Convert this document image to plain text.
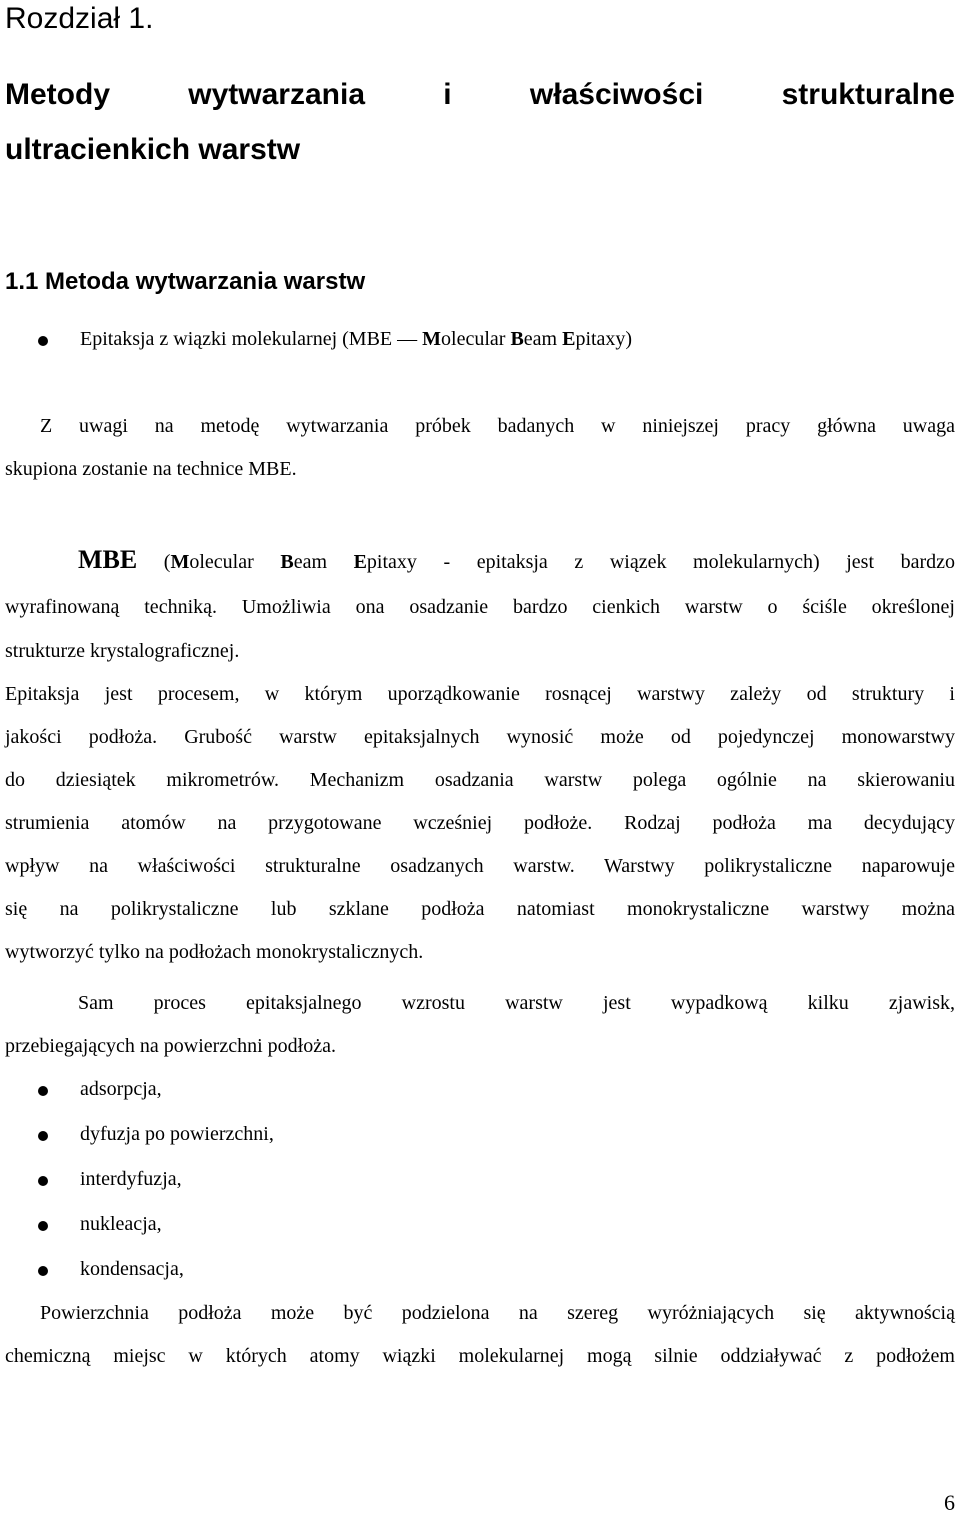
Rozdział 1.
Metody wytwarzania i właściwości strukturalne
ultracienkich warstw
1.1 Metoda wytwarzania warstw
Epitaksja z wiązki molekularnej (MBE — Molecular Beam Epitaxy)
Z uwagi na metodę wytwarzania próbek badanych w niniejszej pracy główna uwaga
skupiona zostanie na technice MBE.
MBE (Molecular Beam Epitaxy - epitaksja z wiązek molekularnych) jest bardzo
wyrafinowaną techniką. Umożliwia ona osadzanie bardzo cienkich warstw o ściśle określonej
strukturze krystalograficznej.
Epitaksja jest procesem, w którym uporządkowanie rosnącej warstwy zależy od struktury i
jakości podłoża. Grubość warstw epitaksjalnych wynosić może od pojedynczej monowarstwy
do dziesiątek mikrometrów. Mechanizm osadzania warstw polega ogólnie na skierowaniu
strumienia atomów na przygotowane wcześniej podłoże. Rodzaj podłoża ma decydujący
wpływ na właściwości strukturalne osadzanych warstw. Warstwy polikrystaliczne naparowuje
się na polikrystaliczne lub szklane podłoża natomiast monokrystaliczne warstwy można
wytworzyć tylko na podłożach monokrystalicznych.
Sam proces epitaksjalnego wzrostu warstw jest wypadkową kilku zjawisk,
przebiegających na powierzchni podłoża.
adsorpcja,
dyfuzja po powierzchni,
interdyfuzja,
nukleacja,
kondensacja,
Powierzchnia podłoża może być podzielona na szereg wyróżniających się aktywnością
chemiczną miejsc w których atomy wiązki molekularnej mogą silnie oddziaływać z podłożem
6
